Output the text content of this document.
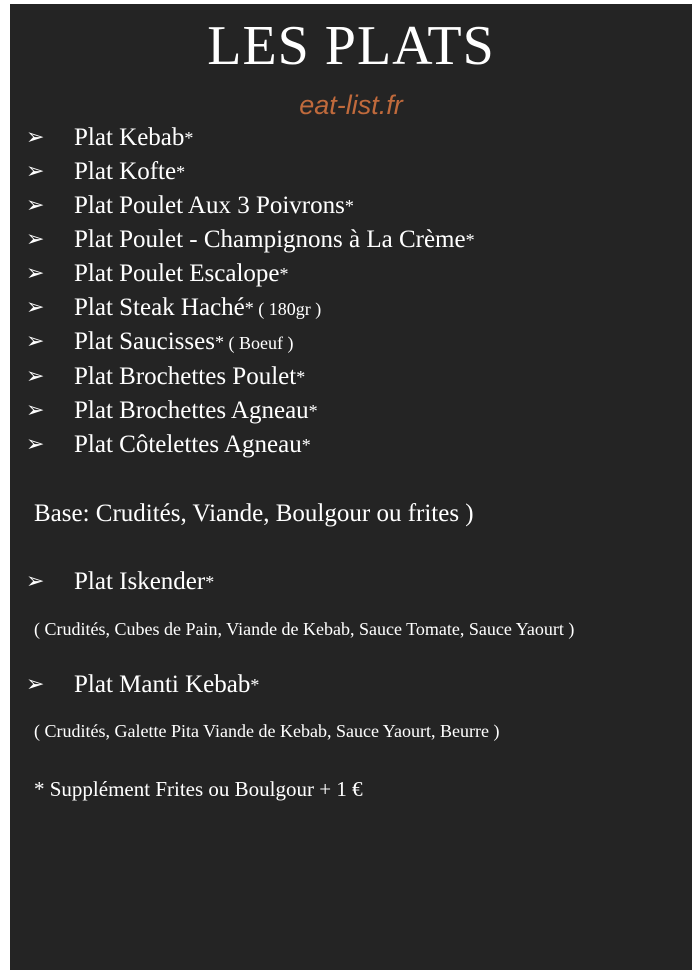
LES PLATS
eat-list.fr
➢	Plat Kebab*
➢	Plat Kofte*
➢	Plat Poulet Aux 3 Poivrons*
➢	Plat Poulet - Champignons à La Crème*
➢	Plat Poulet Escalope*
➢	Plat Steak Haché* ( 180gr )
➢	Plat Saucisses* ( Boeuf )
➢	Plat Brochettes Poulet*
➢	Plat Brochettes Agneau*
➢	Plat Côtelettes Agneau*
Base: Crudités, Viande, Boulgour ou frites )
➢	Plat Iskender*
( Crudités, Cubes de Pain, Viande de Kebab, Sauce Tomate, Sauce Yaourt )
➢	Plat Manti Kebab*
( Crudités, Galette Pita Viande de Kebab, Sauce Yaourt, Beurre )
* Supplément Frites ou Boulgour + 1 €
